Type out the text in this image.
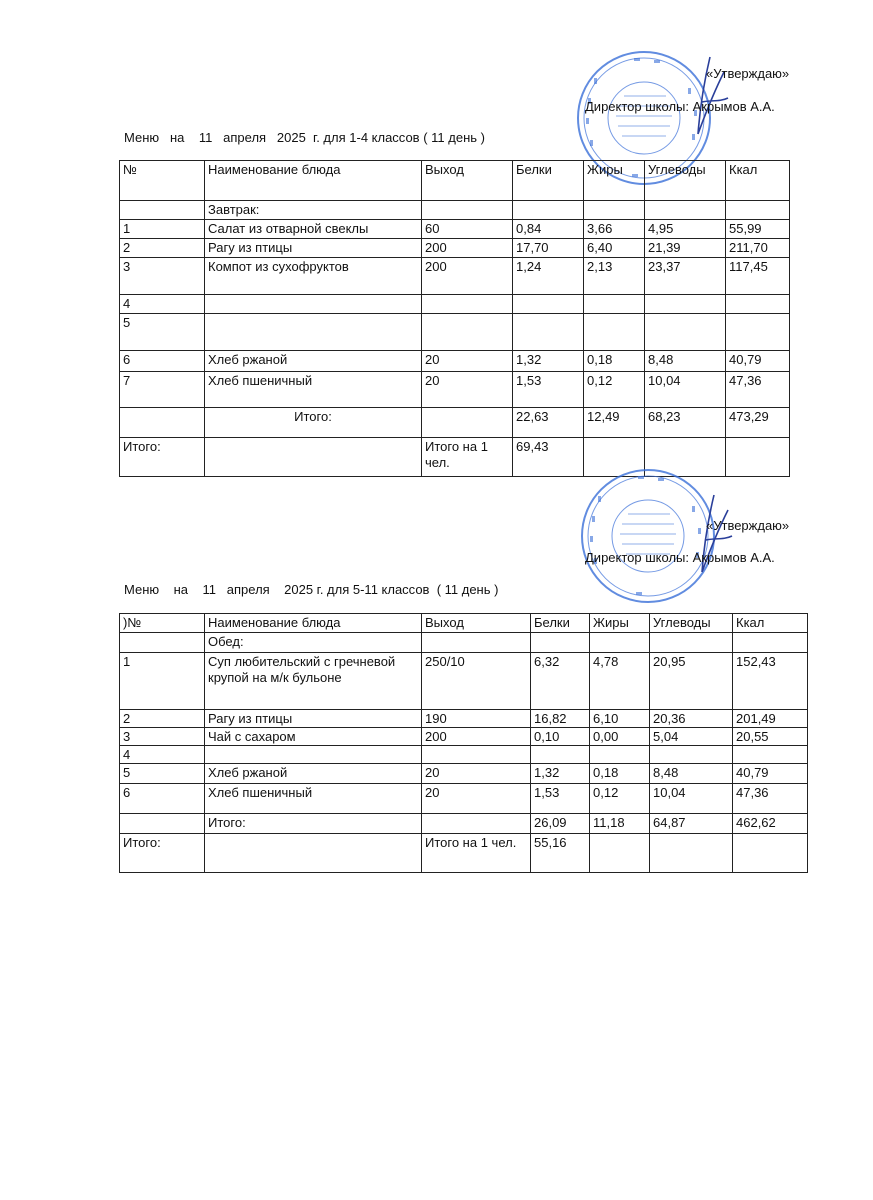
«Утверждаю»
Директор школы: Акрымов А.А.
Меню   на    11   апреля   2025  г. для 1-4 классов ( 11 день )
№	Наименование блюда	Выход	Белки	Жиры	Углеводы	Ккал
	Завтрак:					
1	Салат из отварной свеклы	60	0,84	3,66	4,95	55,99
2	Рагу из птицы	200	17,70	6,40	21,39	211,70
3	Компот из сухофруктов	200	1,24	2,13	23,37	117,45
4						
5						
6	Хлеб ржаной	20	1,32	0,18	8,48	40,79
7	Хлеб пшеничный	20	1,53	0,12	10,04	47,36
	Итого:		22,63	12,49	68,23	473,29
Итого:		Итого на 1 чел.	69,43			
«Утверждаю»
Директор школы: Акрымов А.А.
Меню    на    11   апреля    2025 г. для 5-11 классов  ( 11 день )
)№	Наименование блюда	Выход	Белки	Жиры	Углеводы	Ккал
	Обед:					
1	Суп любительский с гречневой крупой на м/к бульоне	250/10	6,32	4,78	20,95	152,43
2	Рагу из птицы	190	16,82	6,10	20,36	201,49
3	Чай с сахаром	200	0,10	0,00	5,04	20,55
4						
5	Хлеб ржаной	20	1,32	0,18	8,48	40,79
6	Хлеб пшеничный	20	1,53	0,12	10,04	47,36
	Итого:		26,09	11,18	64,87	462,62
Итого:		Итого на 1 чел.	55,16			
